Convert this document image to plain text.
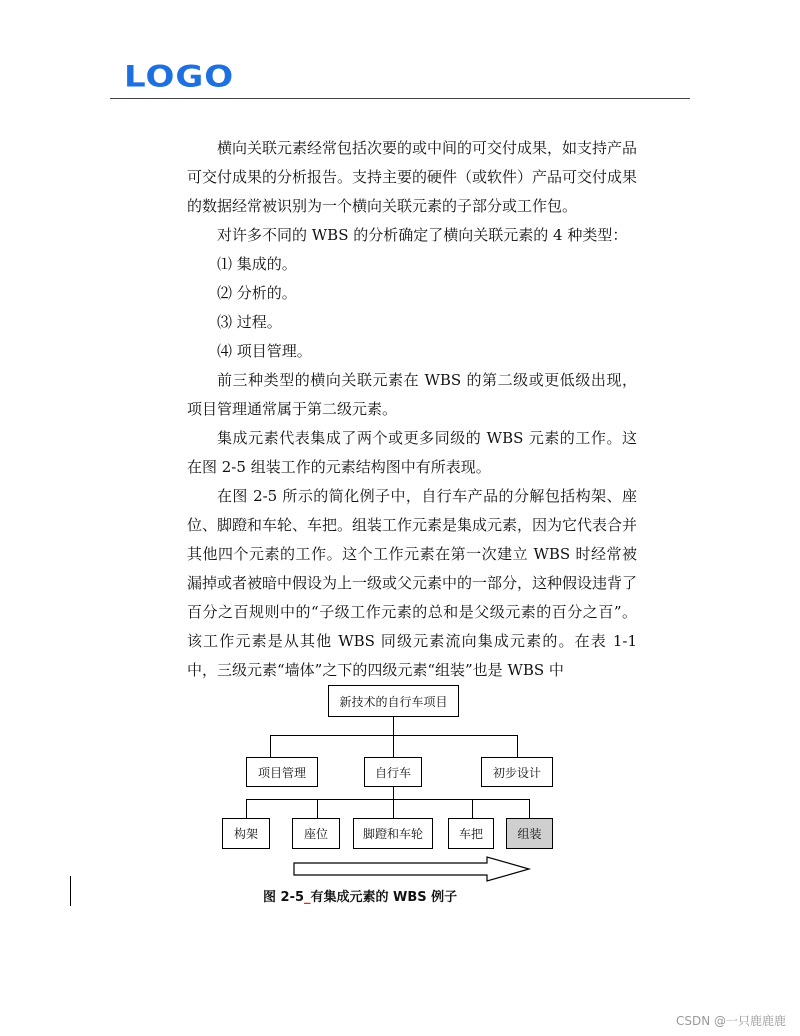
LOGO

横向关联元素经常包括次要的或中间的可交付成果，如支持产品可交付成果的分析报告。支持主要的硬件（或软件）产品可交付成果的数据经常被识别为一个横向关联元素的子部分或工作包。

对许多不同的 WBS 的分析确定了横向关联元素的 4 种类型：

⑴ 集成的。

⑵ 分析的。

⑶ 过程。

⑷ 项目管理。

前三种类型的横向关联元素在 WBS 的第二级或更低级出现，项目管理通常属于第二级元素。

集成元素代表集成了两个或更多同级的 WBS 元素的工作。这在图 2-5 组装工作的元素结构图中有所表现。

在图 2-5 所示的简化例子中，自行车产品的分解包括构架、座位、脚蹬和车轮、车把。组装工作元素是集成元素，因为它代表合并其他四个元素的工作。这个工作元素在第一次建立 WBS 时经常被漏掉或者被暗中假设为上一级或父元素中的一部分，这种假设违背了百分之百规则中的“子级工作元素的总和是父级元素的百分之百”。该工作元素是从其他 WBS 同级元素流向集成元素的。在表 1-1 中，三级元素“墙体”之下的四级元素“组装”也是 WBS 中

新技术的自行车项目
项目管理	自行车	初步设计
构架	座位	脚蹬和车轮	车把	组装
图 2-5_有集成元素的 WBS 例子
CSDN @一只鹿鹿鹿
